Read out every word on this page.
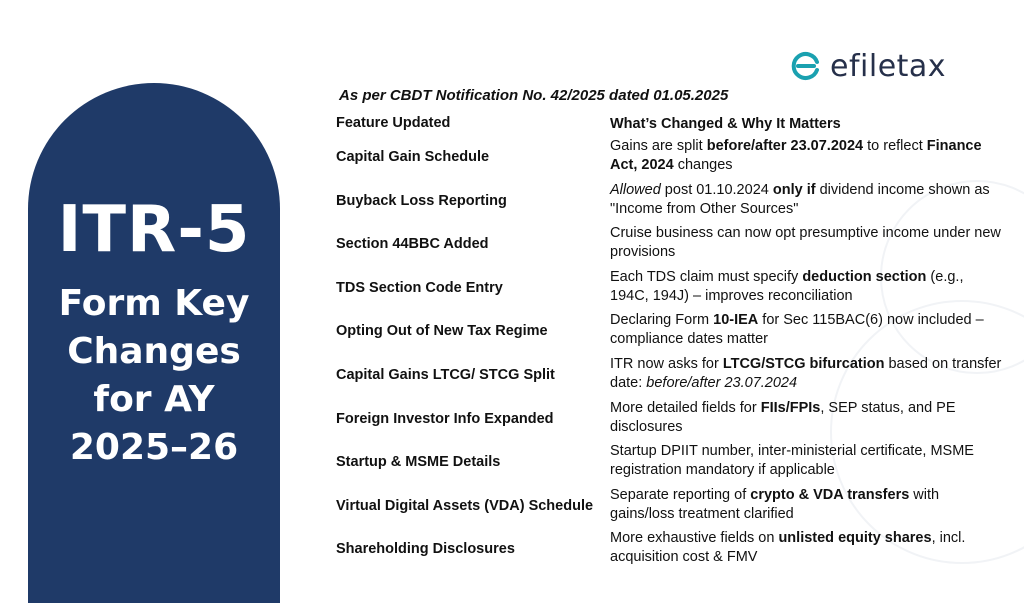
ITR-5
Form Key
Changes
for AY
2025–26
efiletax
As per CBDT Notification No. 42/2025 dated 01.05.2025
Feature Updated	What’s Changed & Why It Matters
Capital Gain Schedule
Gains are split before/after 23.07.2024 to reflect Finance Act, 2024 changes
Buyback Loss Reporting
Allowed post 01.10.2024 only if dividend income shown as "Income from Other Sources"
Section 44BBC Added
Cruise business can now opt presumptive income under new provisions
TDS Section Code Entry
Each TDS claim must specify deduction section (e.g., 194C, 194J) – improves reconciliation
Opting Out of New Tax Regime
Declaring Form 10-IEA for Sec 115BAC(6) now included – compliance dates matter
Capital Gains LTCG/ STCG Split
ITR now asks for LTCG/STCG bifurcation based on transfer date: before/after 23.07.2024
Foreign Investor Info Expanded
More detailed fields for FIIs/FPIs, SEP status, and PE disclosures
Startup & MSME Details
Startup DPIIT number, inter-ministerial certificate, MSME registration mandatory if applicable
Virtual Digital Assets (VDA) Schedule
Separate reporting of crypto & VDA transfers with gains/loss treatment clarified
Shareholding Disclosures
More exhaustive fields on unlisted equity shares, incl. acquisition cost & FMV
